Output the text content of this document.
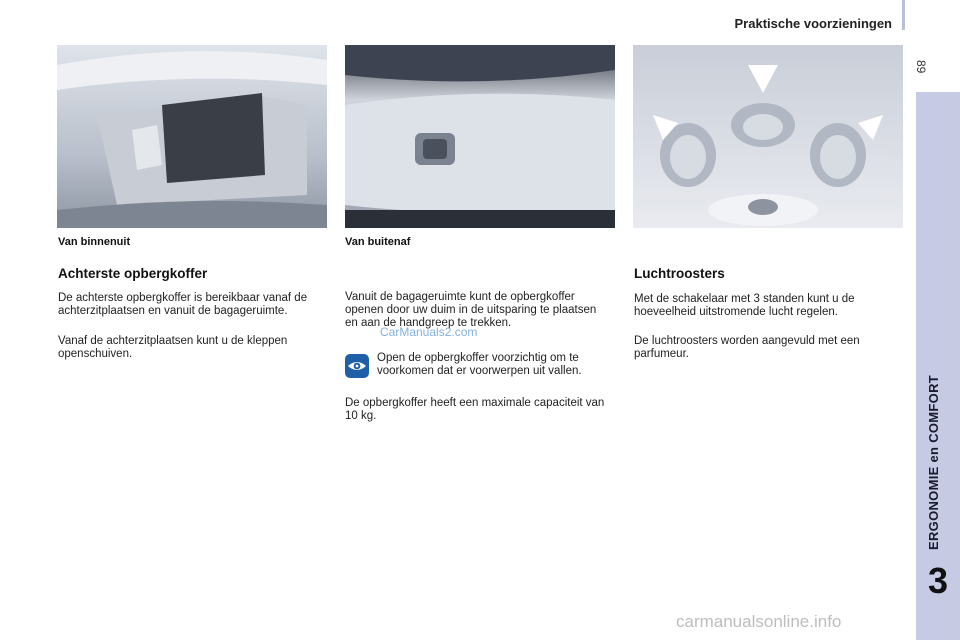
Praktische voorzieningen
89
ERGONOMIE en COMFORT
3
Van binnenuit	Van buitenaf
Achterste opbergkoffer

De achterste opbergkoffer is bereikbaar vanaf de achterzitplaatsen en vanuit de bagageruimte.

Vanaf de achterzitplaatsen kunt u de kleppen openschuiven.

Vanuit de bagageruimte kunt de opbergkoffer openen door uw duim in de uitsparing te plaatsen en aan de handgreep te trekken.

Open de opbergkoffer voorzichtig om te voorkomen dat er voorwerpen uit vallen.

De opbergkoffer heeft een maximale capaciteit van 10 kg.

Luchtroosters

Met de schakelaar met 3 standen kunt u de hoeveelheid uitstromende lucht regelen.

De luchtroosters worden aangevuld met een parfumeur.

CarManuals2.com
carmanualsonline.info
